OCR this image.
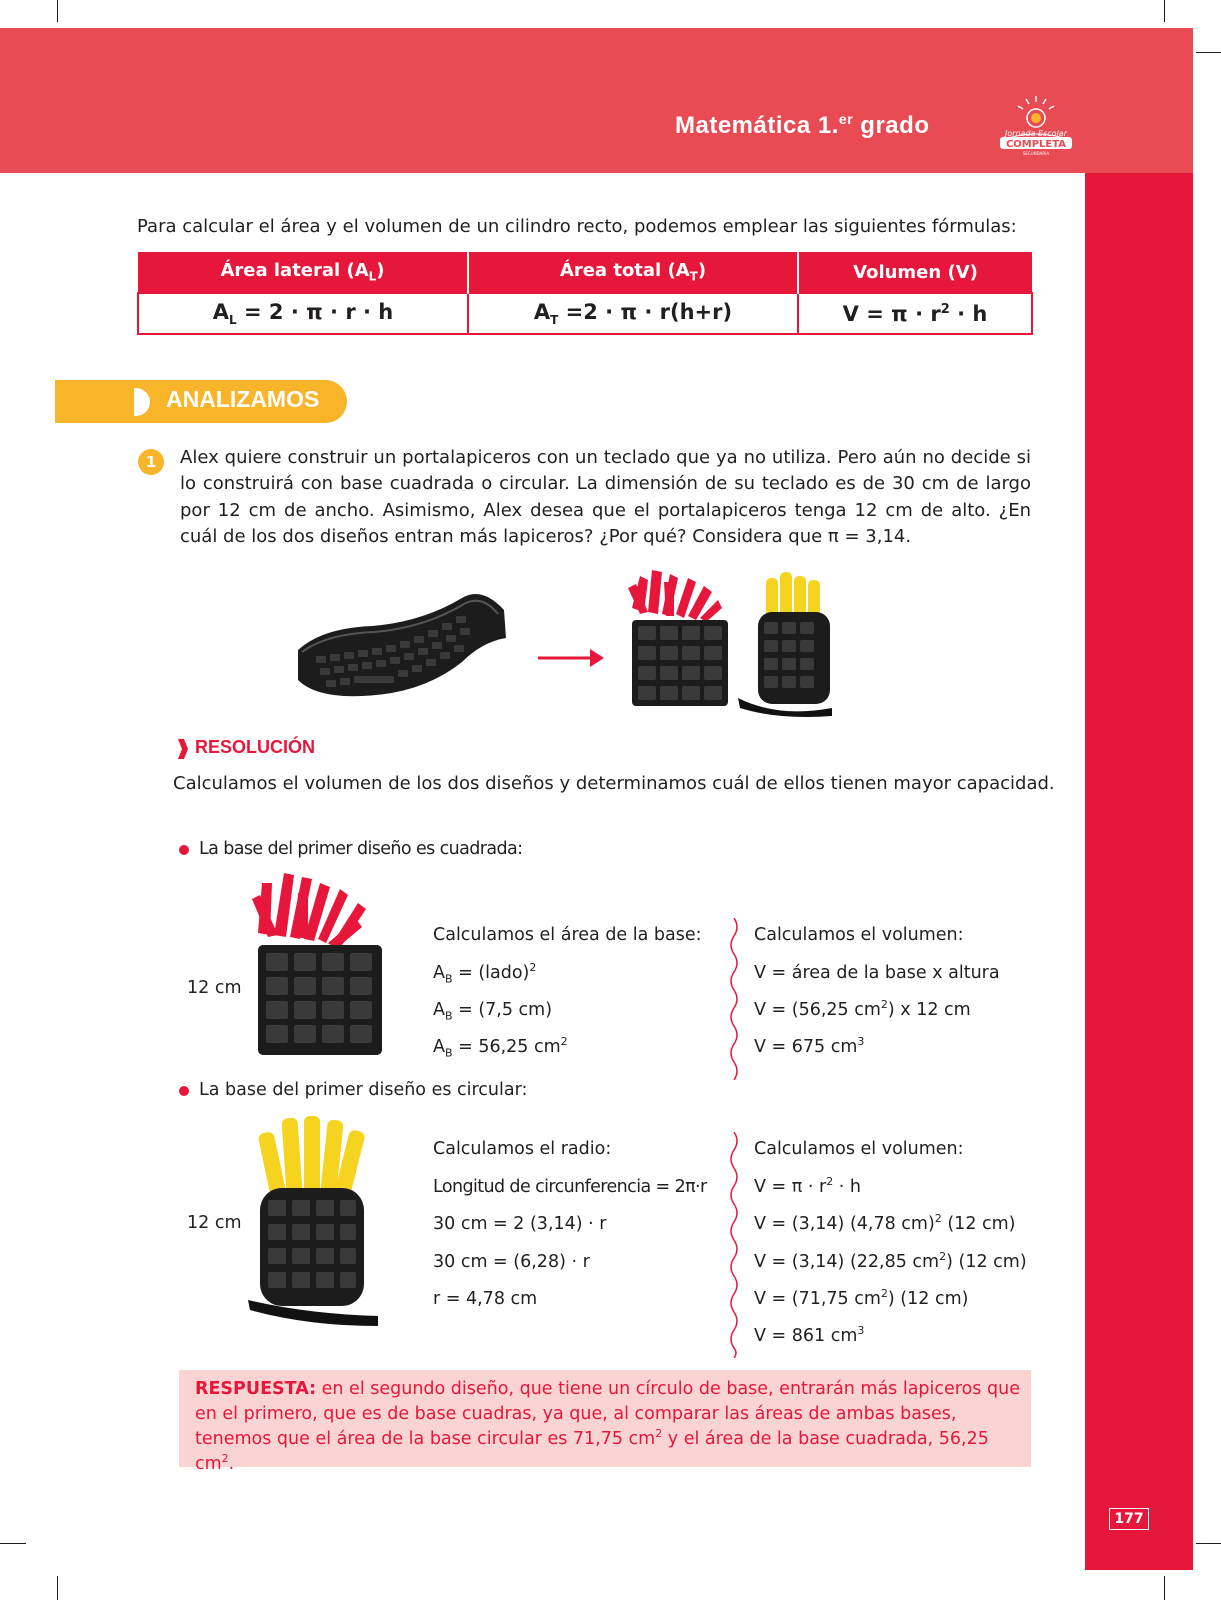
Matemática 1.$^{er}$ grado	Jornada Escolar
COMPLETA
SECUNDARIA
177
Para calcular el área y el volumen de un cilindro recto, podemos emplear las siguientes fórmulas:
Área lateral $(A_L)$	Área total $(A_T)$	Volumen (V)
$A_L = 2 \cdot \pi \cdot r \cdot h$	$A_T =2 \cdot \pi \cdot r(h+r)$	$V = \pi \cdot r^2 \cdot h$
ANALIZAMOS
1	Alex quiere construir un portalapiceros con un teclado que ya no utiliza. Pero aún no decide si lo construirá con base cuadrada o circular. La dimensión de su teclado es de 30 cm de largo por 12 cm de ancho. Asimismo, Alex desea que el portalapiceros tenga 12 cm de alto. ¿En cuál de los dos diseños entran más lapiceros? ¿Por qué? Considera que π = 3,14.
RESOLUCIÓN
Calculamos el volumen de los dos diseños y determinamos cuál de ellos tienen mayor capacidad.
La base del primer diseño es cuadrada:
12 cm
Calculamos el área de la base:
$A_B$ = (lado)$^2$
$A_B = (7,5$ cm)
$A_B = 56,25$ $cm^2$
Calculamos el volumen:
V = área de la base x altura
V = (56,25 $cm^2$) x 12 cm
V = 675 $cm^3$
La base del primer diseño es circular:
12 cm
Calculamos el radio:
Longitud de circunferencia = 2π·r
30 cm = 2 (3,14) · r
30 cm = (6,28) · r
r = 4,78 cm
Calculamos el volumen:
$V = \pi \cdot r^2 \cdot h$
V = (3,14) (4,78 cm)$^2$ (12 cm)
V = (3,14) (22,85 $cm^2$) (12 cm)
V = (71,75 $cm^2$) (12 cm)
V = 861 $cm^3$
RESPUESTA: en el segundo diseño, que tiene un círculo de base, entrarán más lapiceros que en el primero, que es de base cuadras, ya que, al comparar las áreas de ambas bases, tenemos que el área de la base circular es 71,75 $cm^2$ y el área de la base cuadrada, 56,25 $cm^2$.
